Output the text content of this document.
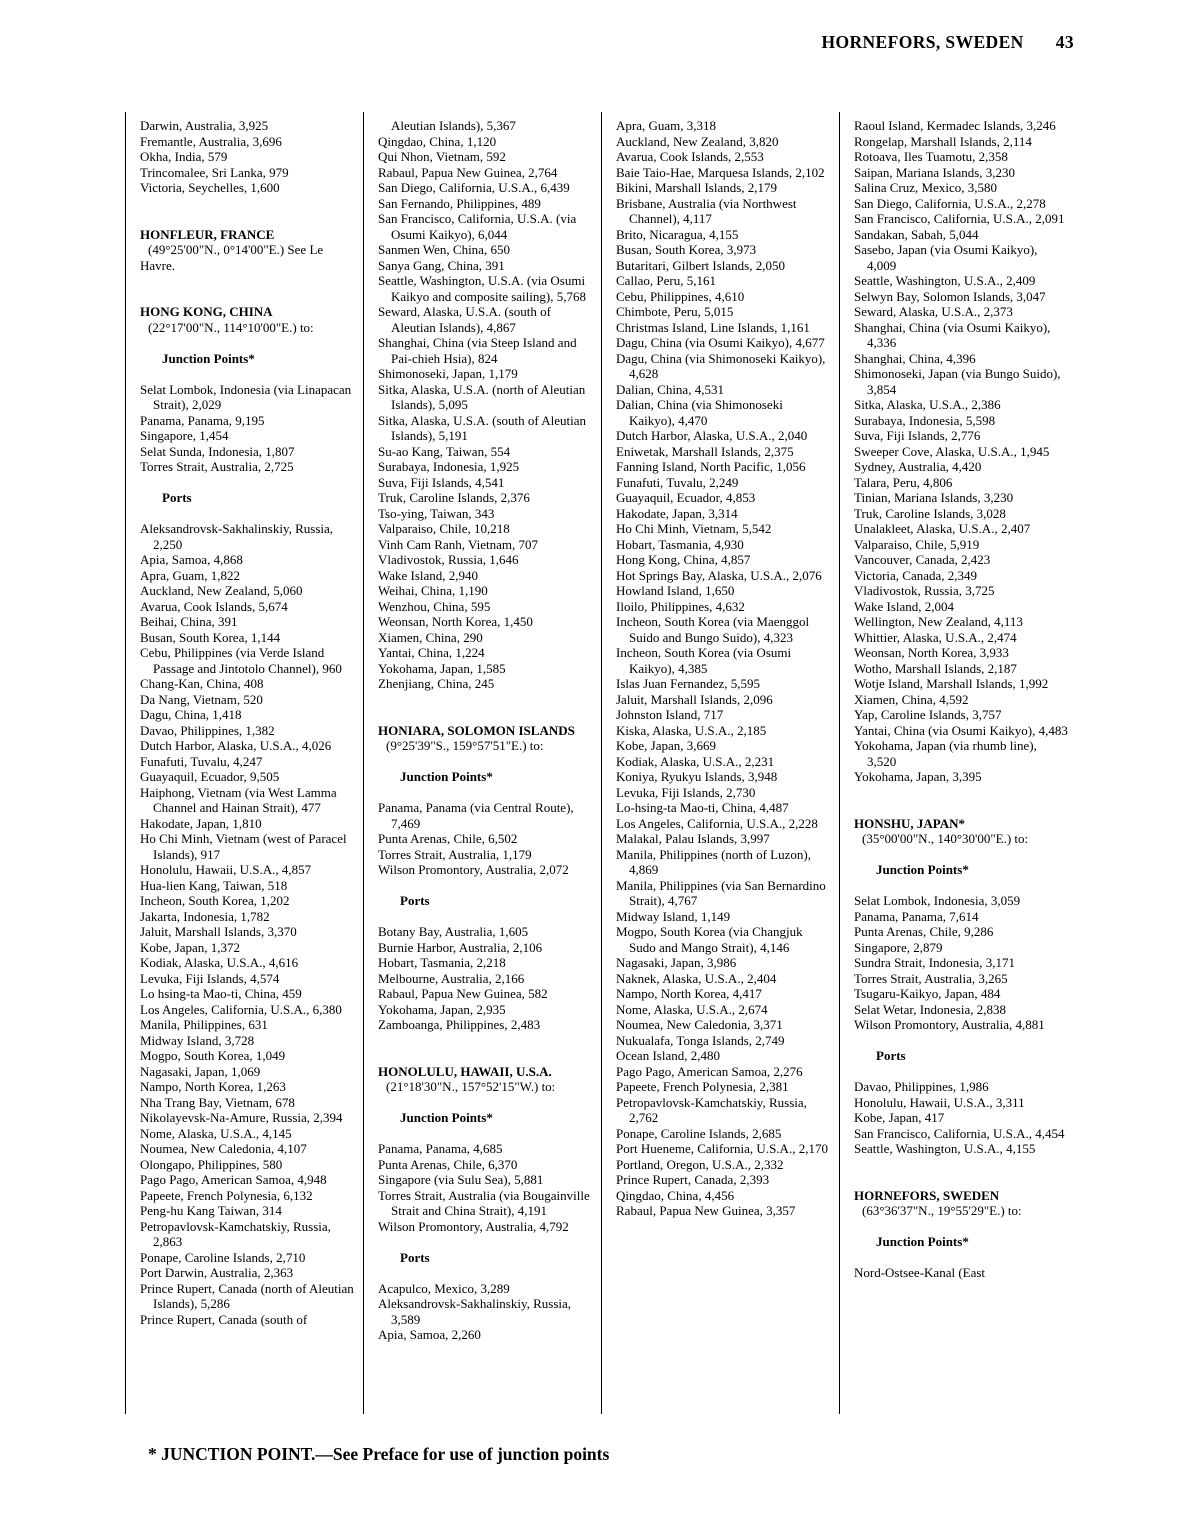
HORNEFORS, SWEDEN 43
Darwin, Australia, 3,925
Fremantle, Australia, 3,696
Okha, India, 579
Trincomalee, Sri Lanka, 979
Victoria, Seychelles, 1,600
HONFLEUR, FRANCE
(49°25'00"N., 0°14'00"E.) See Le Havre.
HONG KONG, CHINA
(22°17'00"N., 114°10'00"E.) to:
Junction Points*
Selat Lombok, Indonesia (via Linapacan Strait), 2,029
Panama, Panama, 9,195
Singapore, 1,454
Selat Sunda, Indonesia, 1,807
Torres Strait, Australia, 2,725
Ports
Aleksandrovsk-Sakhalinskiy, Russia, 2,250
Apia, Samoa, 4,868
Apra, Guam, 1,822
Auckland, New Zealand, 5,060
Avarua, Cook Islands, 5,674
Beihai, China, 391
Busan, South Korea, 1,144
Cebu, Philippines (via Verde Island Passage and Jintotolo Channel), 960
Chang-Kan, China, 408
Da Nang, Vietnam, 520
Dagu, China, 1,418
Davao, Philippines, 1,382
Dutch Harbor, Alaska, U.S.A., 4,026
Funafuti, Tuvalu, 4,247
Guayaquil, Ecuador, 9,505
Haiphong, Vietnam (via West Lamma Channel and Hainan Strait), 477
Hakodate, Japan, 1,810
Ho Chi Minh, Vietnam (west of Paracel Islands), 917
Honolulu, Hawaii, U.S.A., 4,857
Hua-lien Kang, Taiwan, 518
Incheon, South Korea, 1,202
Jakarta, Indonesia, 1,782
Jaluit, Marshall Islands, 3,370
Kobe, Japan, 1,372
Kodiak, Alaska, U.S.A., 4,616
Levuka, Fiji Islands, 4,574
Lo hsing-ta Mao-ti, China, 459
Los Angeles, California, U.S.A., 6,380
Manila, Philippines, 631
Midway Island, 3,728
Mogpo, South Korea, 1,049
Nagasaki, Japan, 1,069
Nampo, North Korea, 1,263
Nha Trang Bay, Vietnam, 678
Nikolayevsk-Na-Amure, Russia, 2,394
Nome, Alaska, U.S.A., 4,145
Noumea, New Caledonia, 4,107
Olongapo, Philippines, 580
Pago Pago, American Samoa, 4,948
Papeete, French Polynesia, 6,132
Peng-hu Kang Taiwan, 314
Petropavlovsk-Kamchatskiy, Russia, 2,863
Ponape, Caroline Islands, 2,710
Port Darwin, Australia, 2,363
Prince Rupert, Canada (north of Aleutian Islands), 5,286
Prince Rupert, Canada (south of
Aleutian Islands), 5,367
Qingdao, China, 1,120
Qui Nhon, Vietnam, 592
Rabaul, Papua New Guinea, 2,764
San Diego, California, U.S.A., 6,439
San Fernando, Philippines, 489
San Francisco, California, U.S.A. (via Osumi Kaikyo), 6,044
Sanmen Wen, China, 650
Sanya Gang, China, 391
Seattle, Washington, U.S.A. (via Osumi Kaikyo and composite sailing), 5,768
Seward, Alaska, U.S.A. (south of Aleutian Islands), 4,867
Shanghai, China (via Steep Island and Pai-chieh Hsia), 824
Shimonoseki, Japan, 1,179
Sitka, Alaska, U.S.A. (north of Aleutian Islands), 5,095
Sitka, Alaska, U.S.A. (south of Aleutian Islands), 5,191
Su-ao Kang, Taiwan, 554
Surabaya, Indonesia, 1,925
Suva, Fiji Islands, 4,541
Truk, Caroline Islands, 2,376
Tso-ying, Taiwan, 343
Valparaiso, Chile, 10,218
Vinh Cam Ranh, Vietnam, 707
Vladivostok, Russia, 1,646
Wake Island, 2,940
Weihai, China, 1,190
Wenzhou, China, 595
Weonsan, North Korea, 1,450
Xiamen, China, 290
Yantai, China, 1,224
Yokohama, Japan, 1,585
Zhenjiang, China, 245
HONIARA, SOLOMON ISLANDS
(9°25'39"S., 159°57'51"E.) to:
Junction Points*
Panama, Panama (via Central Route), 7,469
Punta Arenas, Chile, 6,502
Torres Strait, Australia, 1,179
Wilson Promontory, Australia, 2,072
Ports
Botany Bay, Australia, 1,605
Burnie Harbor, Australia, 2,106
Hobart, Tasmania, 2,218
Melbourne, Australia, 2,166
Rabaul, Papua New Guinea, 582
Yokohama, Japan, 2,935
Zamboanga, Philippines, 2,483
HONOLULU, HAWAII, U.S.A.
(21°18'30"N., 157°52'15"W.) to:
Junction Points*
Panama, Panama, 4,685
Punta Arenas, Chile, 6,370
Singapore (via Sulu Sea), 5,881
Torres Strait, Australia (via Bougainville Strait and China Strait), 4,191
Wilson Promontory, Australia, 4,792
Ports
Acapulco, Mexico, 3,289
Aleksandrovsk-Sakhalinskiy, Russia, 3,589
Apia, Samoa, 2,260
Apra, Guam, 3,318
Auckland, New Zealand, 3,820
Avarua, Cook Islands, 2,553
Baie Taio-Hae, Marquesa Islands, 2,102
Bikini, Marshall Islands, 2,179
Brisbane, Australia (via Northwest Channel), 4,117
Brito, Nicaragua, 4,155
Busan, South Korea, 3,973
Butaritari, Gilbert Islands, 2,050
Callao, Peru, 5,161
Cebu, Philippines, 4,610
Chimbote, Peru, 5,015
Christmas Island, Line Islands, 1,161
Dagu, China (via Osumi Kaikyo), 4,677
Dagu, China (via Shimonoseki Kaikyo), 4,628
Dalian, China, 4,531
Dalian, China (via Shimonoseki Kaikyo), 4,470
Dutch Harbor, Alaska, U.S.A., 2,040
Eniwetak, Marshall Islands, 2,375
Fanning Island, North Pacific, 1,056
Funafuti, Tuvalu, 2,249
Guayaquil, Ecuador, 4,853
Hakodate, Japan, 3,314
Ho Chi Minh, Vietnam, 5,542
Hobart, Tasmania, 4,930
Hong Kong, China, 4,857
Hot Springs Bay, Alaska, U.S.A., 2,076
Howland Island, 1,650
Iloilo, Philippines, 4,632
Incheon, South Korea (via Maenggol Suido and Bungo Suido), 4,323
Incheon, South Korea (via Osumi Kaikyo), 4,385
Islas Juan Fernandez, 5,595
Jaluit, Marshall Islands, 2,096
Johnston Island, 717
Kiska, Alaska, U.S.A., 2,185
Kobe, Japan, 3,669
Kodiak, Alaska, U.S.A., 2,231
Koniya, Ryukyu Islands, 3,948
Levuka, Fiji Islands, 2,730
Lo-hsing-ta Mao-ti, China, 4,487
Los Angeles, California, U.S.A., 2,228
Malakal, Palau Islands, 3,997
Manila, Philippines (north of Luzon), 4,869
Manila, Philippines (via San Bernardino Strait), 4,767
Midway Island, 1,149
Mogpo, South Korea (via Changjuk Sudo and Mango Strait), 4,146
Nagasaki, Japan, 3,986
Naknek, Alaska, U.S.A., 2,404
Nampo, North Korea, 4,417
Nome, Alaska, U.S.A., 2,674
Noumea, New Caledonia, 3,371
Nukualafa, Tonga Islands, 2,749
Ocean Island, 2,480
Pago Pago, American Samoa, 2,276
Papeete, French Polynesia, 2,381
Petropavlovsk-Kamchatskiy, Russia, 2,762
Ponape, Caroline Islands, 2,685
Port Hueneme, California, U.S.A., 2,170
Portland, Oregon, U.S.A., 2,332
Prince Rupert, Canada, 2,393
Qingdao, China, 4,456
Rabaul, Papua New Guinea, 3,357
Raoul Island, Kermadec Islands, 3,246
Rongelap, Marshall Islands, 2,114
Rotoava, Iles Tuamotu, 2,358
Saipan, Mariana Islands, 3,230
Salina Cruz, Mexico, 3,580
San Diego, California, U.S.A., 2,278
San Francisco, California, U.S.A., 2,091
Sandakan, Sabah, 5,044
Sasebo, Japan (via Osumi Kaikyo), 4,009
Seattle, Washington, U.S.A., 2,409
Selwyn Bay, Solomon Islands, 3,047
Seward, Alaska, U.S.A., 2,373
Shanghai, China (via Osumi Kaikyo), 4,336
Shanghai, China, 4,396
Shimonoseki, Japan (via Bungo Suido), 3,854
Sitka, Alaska, U.S.A., 2,386
Surabaya, Indonesia, 5,598
Suva, Fiji Islands, 2,776
Sweeper Cove, Alaska, U.S.A., 1,945
Sydney, Australia, 4,420
Talara, Peru, 4,806
Tinian, Mariana Islands, 3,230
Truk, Caroline Islands, 3,028
Unalakleet, Alaska, U.S.A., 2,407
Valparaiso, Chile, 5,919
Vancouver, Canada, 2,423
Victoria, Canada, 2,349
Vladivostok, Russia, 3,725
Wake Island, 2,004
Wellington, New Zealand, 4,113
Whittier, Alaska, U.S.A., 2,474
Weonsan, North Korea, 3,933
Wotho, Marshall Islands, 2,187
Wotje Island, Marshall Islands, 1,992
Xiamen, China, 4,592
Yap, Caroline Islands, 3,757
Yantai, China (via Osumi Kaikyo), 4,483
Yokohama, Japan (via rhumb line), 3,520
Yokohama, Japan, 3,395
HONSHU, JAPAN*
(35°00'00"N., 140°30'00"E.) to:
Junction Points*
Selat Lombok, Indonesia, 3,059
Panama, Panama, 7,614
Punta Arenas, Chile, 9,286
Singapore, 2,879
Sundra Strait, Indonesia, 3,171
Torres Strait, Australia, 3,265
Tsugaru-Kaikyo, Japan, 484
Selat Wetar, Indonesia, 2,838
Wilson Promontory, Australia, 4,881
Ports
Davao, Philippines, 1,986
Honolulu, Hawaii, U.S.A., 3,311
Kobe, Japan, 417
San Francisco, California, U.S.A., 4,454
Seattle, Washington, U.S.A., 4,155
HORNEFORS, SWEDEN
(63°36'37"N., 19°55'29"E.) to:
Junction Points*
Nord-Ostsee-Kanal (East
* JUNCTION POINT.—See Preface for use of junction points
